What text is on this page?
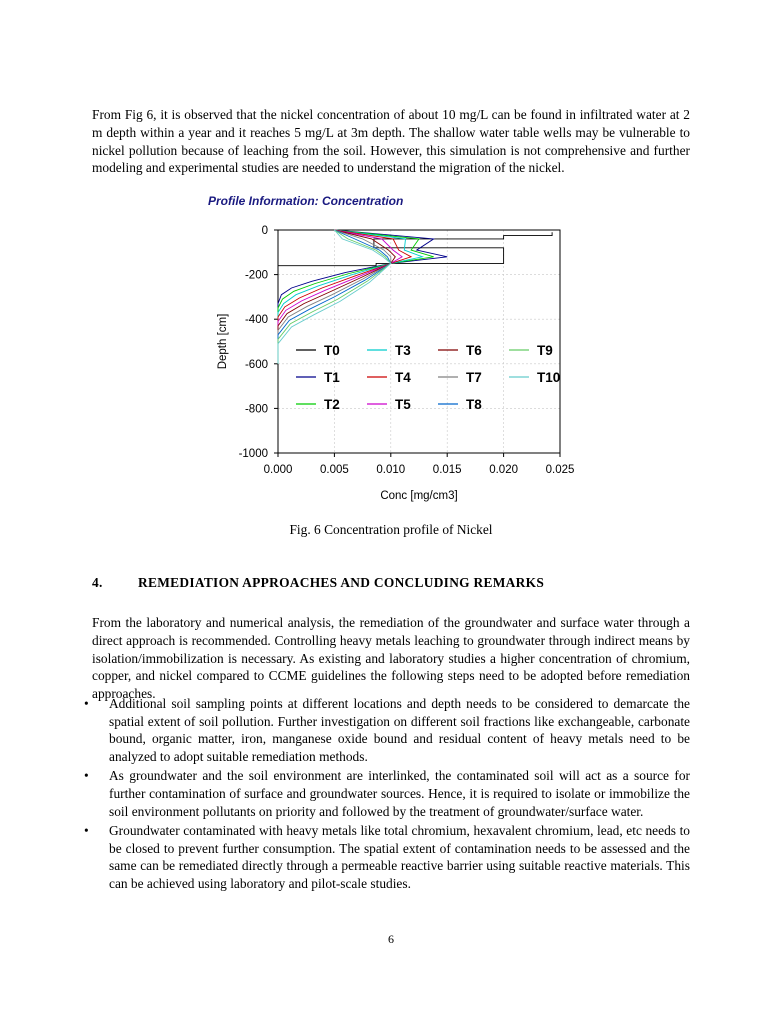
From Fig 6, it is observed that the nickel concentration of about 10 mg/L can be found in infiltrated water at 2 m depth within a year and it reaches 5 mg/L at 3m depth. The shallow water table wells may be vulnerable to nickel pollution because of leaching from the soil. However, this simulation is not comprehensive and further modeling and experimental studies are needed to understand the migration of the nickel.

Profile Information: Concentration
0.000 0.005 0.010 0.015 0.020 0.025
0
-200
-400
-600
-800
-1000
Conc [mg/cm3]
Depth [cm]	T0
T1
T2
T3
T4
T5
T6
T7
T8
T9
T10
Fig. 6 Concentration profile of Nickel
4.	REMEDIATION APPROACHES AND CONCLUDING REMARKS

From the laboratory and numerical analysis, the remediation of the groundwater and surface water through a direct approach is recommended. Controlling heavy metals leaching to groundwater through indirect means by isolation/immobilization is necessary. As existing and laboratory studies a higher concentration of chromium, copper, and nickel compared to CCME guidelines the following steps need to be adopted before remediation approaches.

• Additional soil sampling points at different locations and depth needs to be considered to demarcate the spatial extent of soil pollution. Further investigation on different soil fractions like exchangeable, carbonate bound, organic matter, iron, manganese oxide bound and residual content of heavy metals need to be analyzed to adopt suitable remediation methods.
• As groundwater and the soil environment are interlinked, the contaminated soil will act as a source for further contamination of surface and groundwater sources. Hence, it is required to isolate or immobilize the soil environment pollutants on priority and followed by the treatment of groundwater/surface water.
• Groundwater contaminated with heavy metals like total chromium, hexavalent chromium, lead, etc needs to be closed to prevent further consumption. The spatial extent of contamination needs to be assessed and the same can be remediated directly through a permeable reactive barrier using suitable reactive materials. This can be achieved using laboratory and pilot-scale studies.
6
